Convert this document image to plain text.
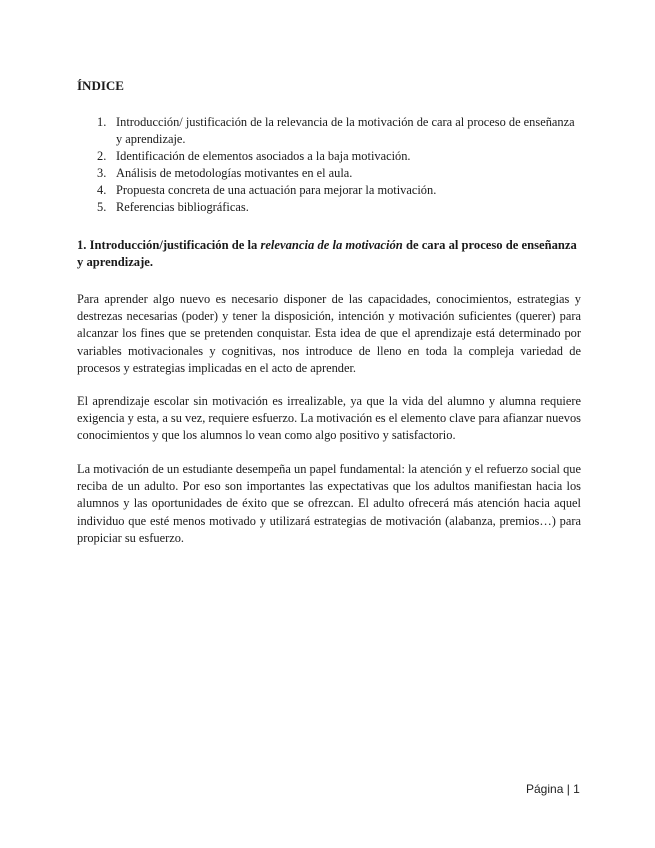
ÍNDICE
1. Introducción/ justificación de la relevancia de la motivación de cara al proceso de enseñanza y aprendizaje.
2. Identificación de elementos asociados a la baja motivación.
3. Análisis de metodologías motivantes en el aula.
4. Propuesta concreta de una actuación para mejorar la motivación.
5. Referencias bibliográficas.
1. Introducción/justificación de la relevancia de la motivación de cara al proceso de enseñanza y aprendizaje.

Para aprender algo nuevo es necesario disponer de las capacidades, conocimientos, estrategias y destrezas necesarias (poder) y tener la disposición, intención y motivación suficientes (querer) para alcanzar los fines que se pretenden conquistar. Esta idea de que el aprendizaje está determinado por variables motivacionales y cognitivas, nos introduce de lleno en toda la compleja variedad de procesos y estrategias implicadas en el acto de aprender.

El aprendizaje escolar sin motivación es irrealizable, ya que la vida del alumno y alumna requiere exigencia y esta, a su vez, requiere esfuerzo. La motivación es el elemento clave para afianzar nuevos conocimientos y que los alumnos lo vean como algo positivo y satisfactorio.

La motivación de un estudiante desempeña un papel fundamental: la atención y el refuerzo social que reciba de un adulto. Por eso son importantes las expectativas que los adultos manifiestan hacia los alumnos y las oportunidades de éxito que se ofrezcan. El adulto ofrecerá más atención hacia aquel individuo que esté menos motivado y utilizará estrategias de motivación (alabanza, premios…) para propiciar su esfuerzo.

Página | 1
